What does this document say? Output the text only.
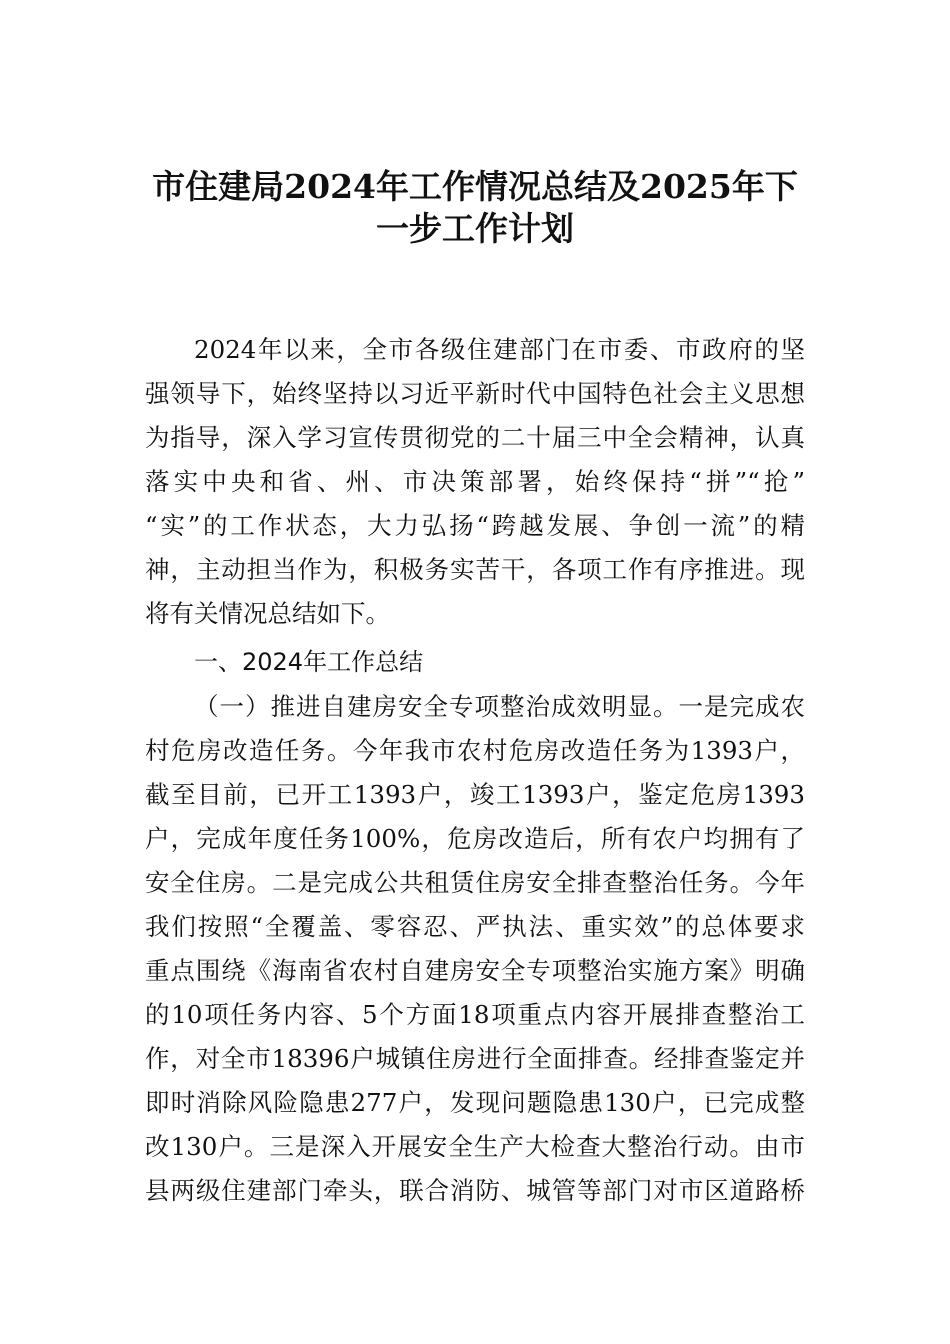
市住建局2024年工作情况总结及2025年下
一步工作计划
2024年以来，全市各级住建部门在市委、市政府的坚
强领导下，始终坚持以习近平新时代中国特色社会主义思想
为指导，深入学习宣传贯彻党的二十届三中全会精神，认真
落实中央和省、州、市决策部署，始终保持“拼”“抢”
“实”的工作状态，大力弘扬“跨越发展、争创一流”的精
神，主动担当作为，积极务实苦干，各项工作有序推进。现
将有关情况总结如下。
一、2024年工作总结
（一）推进自建房安全专项整治成效明显。一是完成农
村危房改造任务。今年我市农村危房改造任务为1393户，
截至目前，已开工1393户，竣工1393户，鉴定危房1393
户，完成年度任务100%，危房改造后，所有农户均拥有了
安全住房。二是完成公共租赁住房安全排查整治任务。今年
我们按照“全覆盖、零容忍、严执法、重实效”的总体要求
重点围绕《海南省农村自建房安全专项整治实施方案》明确
的10项任务内容、5个方面18项重点内容开展排查整治工
作，对全市18396户城镇住房进行全面排查。经排查鉴定并
即时消除风险隐患277户，发现问题隐患130户，已完成整
改130户。三是深入开展安全生产大检查大整治行动。由市
县两级住建部门牵头，联合消防、城管等部门对市区道路桥
